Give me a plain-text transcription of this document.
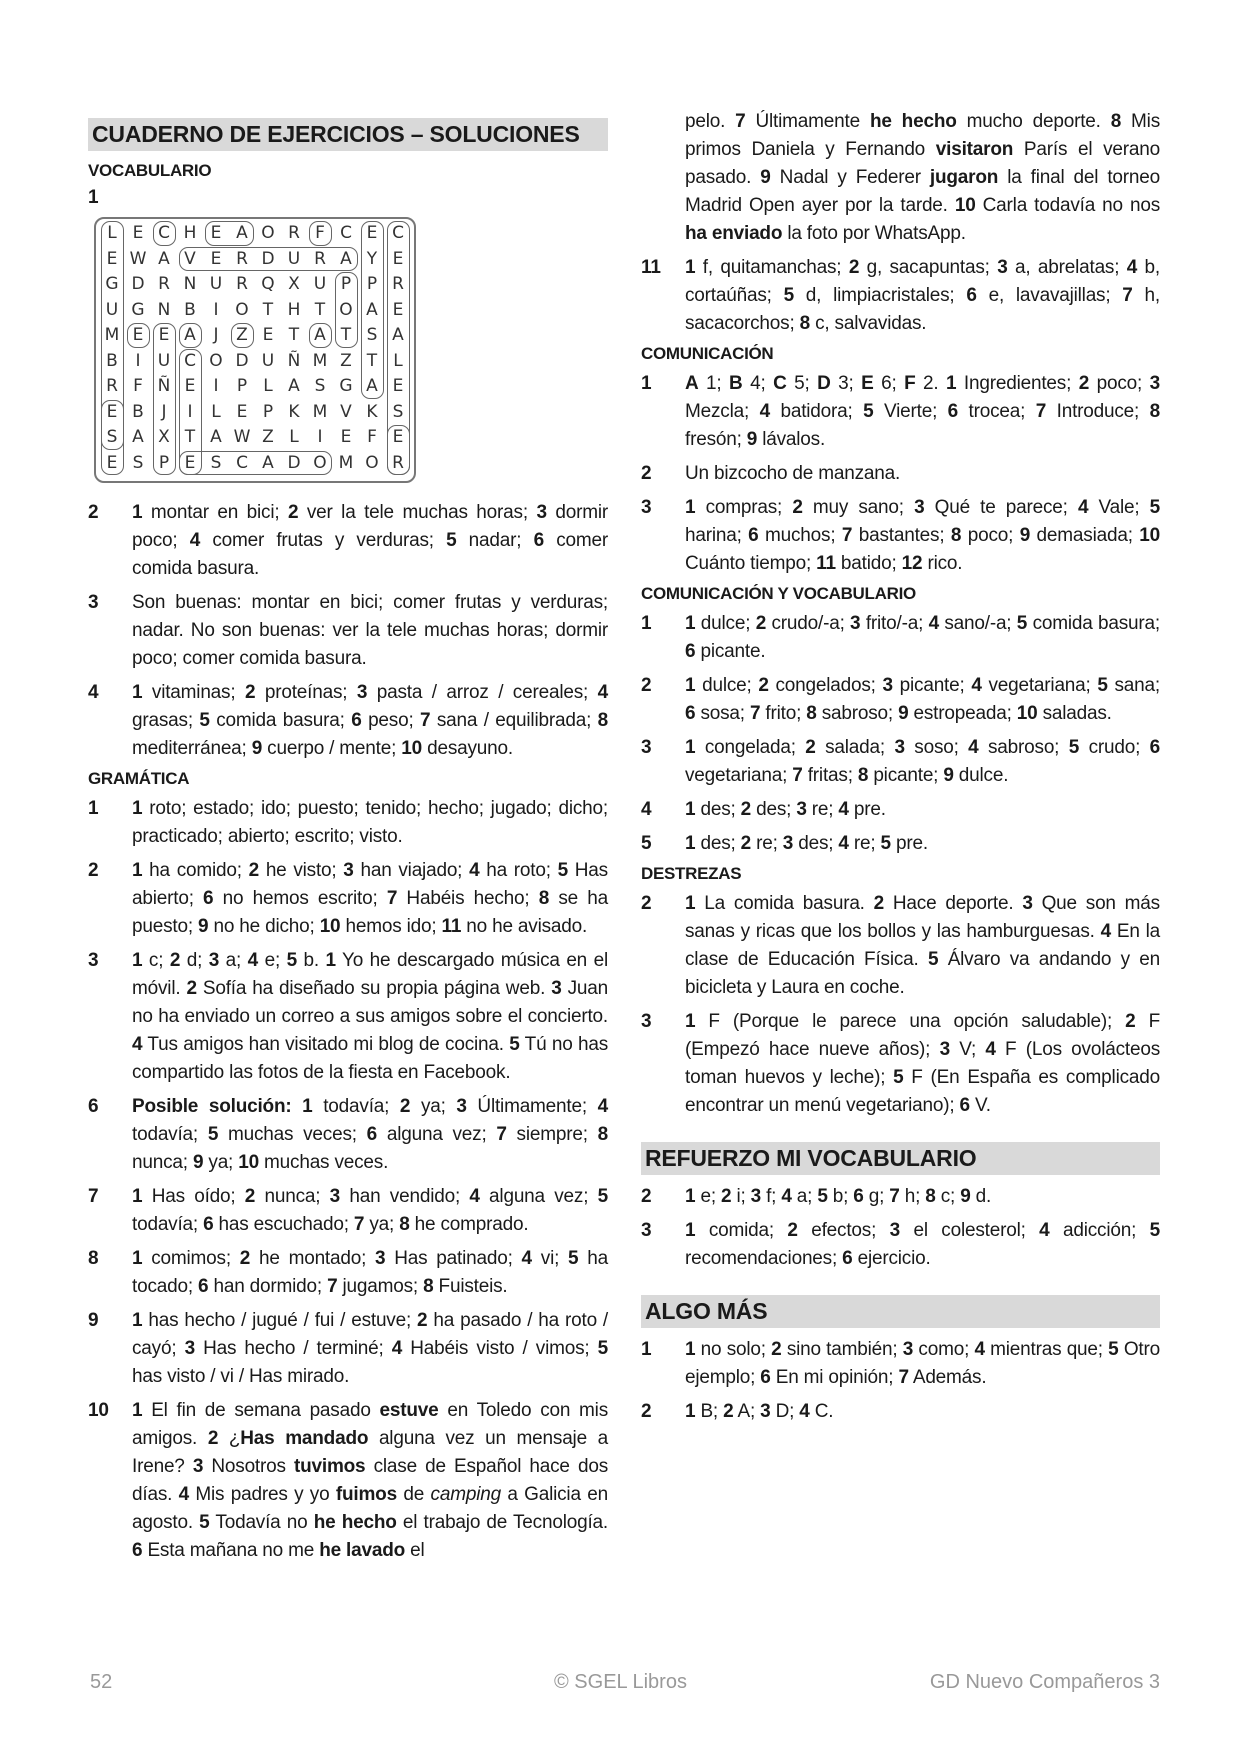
CUADERNO DE EJERCICIOS – SOLUCIONES
VOCABULARIO
1
L E C H E A O R F C E C
E W A V E R D U R A Y E
G D R N U R Q X U P P R
U G N B	I O T H T O A E
M E E A	J	Z E T A T S A
B	I	U C O D U Ñ M Z T L
R F Ñ E	I	P L A S G A E
E B	J	I	L E P K M V K S
S A X T A W Z L	I	E F E
E S P E S C A D O M O R
2	1 montar en bici; 2 ver la tele muchas horas; 3 dormir poco; 4 comer frutas y verduras; 5 nadar; 6 comer comida basura.
3	Son buenas: montar en bici; comer frutas y verduras; nadar. No son buenas: ver la tele muchas horas; dormir poco; comer comida basura.
4	1 vitaminas; 2 proteínas; 3 pasta / arroz / cereales; 4 grasas; 5 comida basura; 6 peso; 7 sana / equilibrada; 8 mediterránea; 9 cuerpo / mente; 10 desayuno.
GRAMÁTICA
1	1 roto; estado; ido; puesto; tenido; hecho; jugado; dicho; practicado; abierto; escrito; visto.
2	1 ha comido; 2 he visto; 3 han viajado; 4 ha roto; 5 Has abierto; 6 no hemos escrito; 7 Habéis hecho; 8 se ha puesto; 9 no he dicho; 10 hemos ido; 11 no he avisado.
3	1 c; 2 d; 3 a; 4 e; 5 b. 1 Yo he descargado música en el móvil. 2 Sofía ha diseñado su propia página web. 3 Juan no ha enviado un correo a sus amigos sobre el concierto. 4 Tus amigos han visitado mi blog de cocina. 5 Tú no has compartido las fotos de la fiesta en Facebook.
6	Posible solución: 1 todavía; 2 ya; 3 Últimamente; 4 todavía; 5 muchas veces; 6 alguna vez; 7 siempre; 8 nunca; 9 ya; 10 muchas veces.
7	1 Has oído; 2 nunca; 3 han vendido; 4 alguna vez; 5 todavía; 6 has escuchado; 7 ya; 8 he comprado.
8	1 comimos; 2 he montado; 3 Has patinado; 4 vi; 5 ha tocado; 6 han dormido; 7 jugamos; 8 Fuisteis.
9	1 has hecho / jugué / fui / estuve; 2 ha pasado / ha roto / cayó; 3 Has hecho / terminé; 4 Habéis visto / vimos; 5 has visto / vi / Has mirado.
10	1 El fin de semana pasado estuve en Toledo con mis amigos. 2 ¿Has mandado alguna vez un mensaje a Irene? 3 Nosotros tuvimos clase de Español hace dos días. 4 Mis padres y yo fuimos de camping a Galicia en agosto. 5 Todavía no he hecho el trabajo de Tecnología. 6 Esta mañana no me he lavado el
pelo. 7 Últimamente he hecho mucho deporte. 8 Mis primos Daniela y Fernando visitaron París el verano pasado. 9 Nadal y Federer jugaron la final del torneo Madrid Open ayer por la tarde. 10 Carla todavía no nos ha enviado la foto por WhatsApp.
11	1 f, quitamanchas; 2 g, sacapuntas; 3 a, abrelatas; 4 b, cortaúñas; 5 d, limpiacristales; 6 e, lavavajillas; 7 h, sacacorchos; 8 c, salvavidas.
COMUNICACIÓN
1	A 1; B 4; C 5; D 3; E 6; F 2. 1 Ingredientes; 2 poco; 3 Mezcla; 4 batidora; 5 Vierte; 6 trocea; 7 Introduce; 8 fresón; 9 lávalos.
2	Un bizcocho de manzana.
3	1 compras; 2 muy sano; 3 Qué te parece; 4 Vale; 5 harina; 6 muchos; 7 bastantes; 8 poco; 9 demasiada; 10 Cuánto tiempo; 11 batido; 12 rico.
COMUNICACIÓN Y VOCABULARIO
1	1 dulce; 2 crudo/-a; 3 frito/-a; 4 sano/-a; 5 comida basura; 6 picante.
2	1 dulce; 2 congelados; 3 picante; 4 vegetariana; 5 sana; 6 sosa; 7 frito; 8 sabroso; 9 estropeada; 10 saladas.
3	1 congelada; 2 salada; 3 soso; 4 sabroso; 5 crudo; 6 vegetariana; 7 fritas; 8 picante; 9 dulce.
4	1 des; 2 des; 3 re; 4 pre.
5	1 des; 2 re; 3 des; 4 re; 5 pre.
DESTREZAS
2	1 La comida basura. 2 Hace deporte. 3 Que son más sanas y ricas que los bollos y las hamburguesas. 4 En la clase de Educación Física. 5 Álvaro va andando y en bicicleta y Laura en coche.
3	1 F (Porque le parece una opción saludable); 2 F (Empezó hace nueve años); 3 V; 4 F (Los ovolácteos toman huevos y leche); 5 F (En España es complicado encontrar un menú vegetariano); 6 V.
REFUERZO MI VOCABULARIO
2	1 e; 2 i; 3 f; 4 a; 5 b; 6 g; 7 h; 8 c; 9 d.
3	1 comida; 2 efectos; 3 el colesterol; 4 adicción; 5 recomendaciones; 6 ejercicio.
ALGO MÁS
1	1 no solo; 2 sino también; 3 como; 4 mientras que; 5 Otro ejemplo; 6 En mi opinión; 7 Además.
2	1 B; 2 A; 3 D; 4 C.
52	© SGEL Libros	GD Nuevo Compañeros 3
